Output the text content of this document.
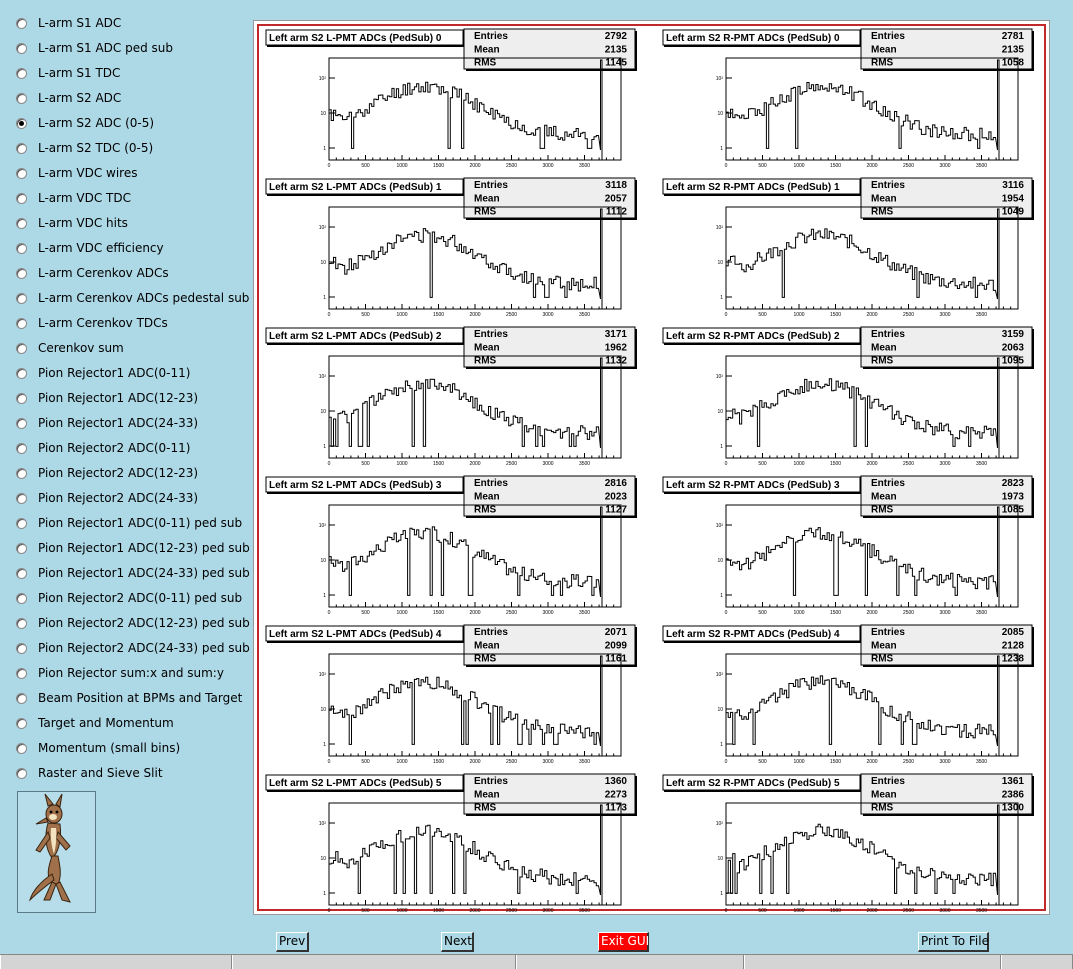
L-arm S1 ADC
L-arm S1 ADC ped sub
L-arm S1 TDC
L-arm S2 ADC
L-arm S2 ADC (0-5)
L-arm S2 TDC (0-5)
L-arm VDC wires
L-arm VDC TDC
L-arm VDC hits
L-arm VDC efficiency
L-arm Cerenkov ADCs
L-arm Cerenkov ADCs pedestal sub
L-arm Cerenkov TDCs
Cerenkov sum
Pion Rejector1 ADC(0-11)
Pion Rejector1 ADC(12-23)
Pion Rejector1 ADC(24-33)
Pion Rejector2 ADC(0-11)
Pion Rejector2 ADC(12-23)
Pion Rejector2 ADC(24-33)
Pion Rejector1 ADC(0-11) ped sub
Pion Rejector1 ADC(12-23) ped sub
Pion Rejector1 ADC(24-33) ped sub
Pion Rejector2 ADC(0-11) ped sub
Pion Rejector2 ADC(12-23) ped sub
Pion Rejector2 ADC(24-33) ped sub
Pion Rejector sum:x and sum:y
Beam Position at BPMs and Target
Target and Momentum
Momentum (small bins)
Raster and Sieve Slit
Left arm S2 L-PMT ADCs (PedSub) 0	Entries	2792
Mean	2135
RMS	1145
1
10
10²
0	500	1000	1500	2000	2500	3000	3500
Left arm S2 R-PMT ADCs (PedSub) 0	Entries	2781
Mean	2135
RMS	1058
1
10
10²
0	500	1000	1500	2000	2500	3000	3500
Left arm S2 L-PMT ADCs (PedSub) 1	Entries	3118
Mean	2057
RMS	1112
1
10
10²
0	500	1000	1500	2000	2500	3000	3500
Left arm S2 R-PMT ADCs (PedSub) 1	Entries	3116
Mean	1954
RMS	1049
1
10
10²
0	500	1000	1500	2000	2500	3000	3500
Left arm S2 L-PMT ADCs (PedSub) 2	Entries	3171
Mean	1962
RMS	1132
1
10
10²
0	500	1000	1500	2000	2500	3000	3500
Left arm S2 R-PMT ADCs (PedSub) 2	Entries	3159
Mean	2063
RMS	1095
1
10
10²
0	500	1000	1500	2000	2500	3000	3500
Left arm S2 L-PMT ADCs (PedSub) 3	Entries	2816
Mean	2023
RMS	1127
1
10
10²
0	500	1000	1500	2000	2500	3000	3500
Left arm S2 R-PMT ADCs (PedSub) 3	Entries	2823
Mean	1973
RMS	1085
1
10
10²
0	500	1000	1500	2000	2500	3000	3500
Left arm S2 L-PMT ADCs (PedSub) 4	Entries	2071
Mean	2099
RMS	1161
1
10
10²
0	500	1000	1500	2000	2500	3000	3500
Left arm S2 R-PMT ADCs (PedSub) 4	Entries	2085
Mean	2128
RMS	1238
1
10
10²
0	500	1000	1500	2000	2500	3000	3500
Left arm S2 L-PMT ADCs (PedSub) 5	Entries	1360
Mean	2273
RMS	1173
1
10
10²
0	500	1000	1500	2000	2500	3000	3500
Left arm S2 R-PMT ADCs (PedSub) 5	Entries	1361
Mean	2386
RMS	1300
1
10
10²
0	500	1000	1500	2000	2500	3000	3500
Prev	Next	Exit GUI	Print To File
